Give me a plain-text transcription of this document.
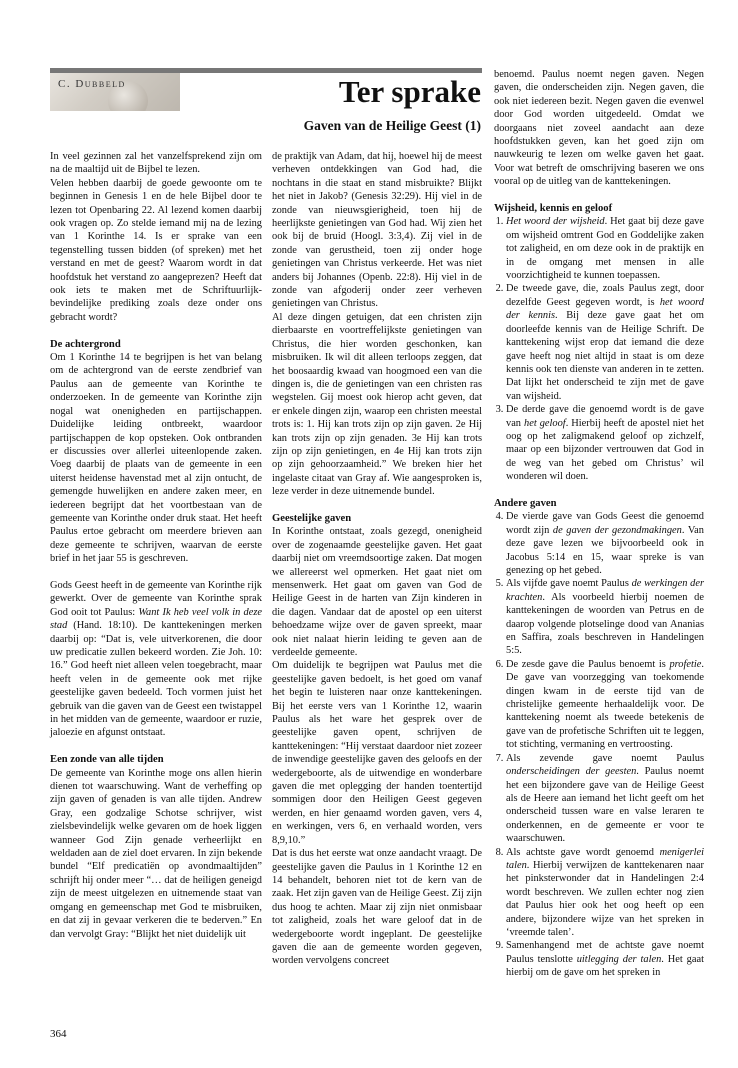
C. Dubbeld	Ter sprake
Gaven van de Heilige Geest (1)

In veel gezinnen zal het vanzelfsprekend zijn om na de maaltijd uit de Bijbel te lezen.

Velen hebben daarbij de goede gewoonte om te beginnen in Genesis 1 en de hele Bijbel door te lezen tot Openbaring 22. Al lezend komen daarbij ook vragen op. Zo stelde iemand mij na de lezing van 1 Korinthe 14. Is er sprake van een tegenstelling tussen bidden (of spreken) met het verstand en met de geest? Waarom wordt in dat hoofdstuk het verstand zo aangeprezen? Heeft dat ook iets te maken met de Schriftuurlijk-bevindelijke prediking zoals deze onder ons gebracht wordt?

De achtergrond

Om 1 Korinthe 14 te begrijpen is het van belang om de achtergrond van de eerste zendbrief van Paulus aan de gemeente van Korinthe te onderzoeken. In de gemeente van Korinthe zijn nogal wat onenigheden en partijschappen. Duidelijke leiding ontbreekt, waardoor partijschappen de kop opsteken. Ook ontbranden er discussies over allerlei uiteenlopende zaken. Voeg daarbij de plaats van de gemeente in een uiterst heidense havenstad met al zijn ontucht, de gemengde huwelijken en andere zaken meer, en iedereen begrijpt dat het voortbestaan van de gemeente van Korinthe onder druk staat. Het heeft Paulus ertoe gebracht om meerdere brieven aan deze gemeente te schrijven, waarvan de eerste brief in het jaar 55 is geschreven.

Gods Geest heeft in de gemeente van Korinthe rijk gewerkt. Over de gemeente van Korinthe sprak God ooit tot Paulus: Want Ik heb veel volk in deze stad (Hand. 18:10). De kanttekeningen merken daarbij op: “Dat is, vele uitverkorenen, die door uw predicatie zullen bekeerd worden. Zie Joh. 10: 16.” God heeft niet alleen velen toegebracht, maar heeft velen in de gemeente ook met rijke geestelijke gaven bedeeld. Toch vormen juist het gebruik van die gaven van de Geest een twistappel in het midden van de gemeente, waardoor er ruzie, jaloezie en afgunst ontstaat.

Een zonde van alle tijden

De gemeente van Korinthe moge ons allen hierin dienen tot waarschuwing. Want de verheffing op zijn gaven of genaden is van alle tijden. Andrew Gray, een godzalige Schotse schrijver, wist zielsbevindelijk welke gevaren om de hoek liggen wanneer God Zijn genade verheerlijkt en weldaden aan de ziel doet ervaren. In zijn bekende bundel “Elf predicatiën op avondmaaltijden” schrijft hij onder meer “… dat de heiligen geneigd zijn de meest uitgelezen en uitnemende staat van omgang en gemeenschap met God te misbruiken, en dat zij in gevaar verkeren die te bederven.” En dan vervolgt Gray: “Blijkt het niet duidelijk uit

de praktijk van Adam, dat hij, hoewel hij de meest verheven ontdekkingen van God had, die nochtans in die staat en stand misbruikte? Blijkt het niet in Jakob? (Genesis 32:29). Hij viel in de zonde van nieuwsgierigheid, toen hij de heerlijkste genietingen van God had. Wij zien het ook bij de bruid (Hoogl. 3:3,4). Zij viel in de zonde van gerustheid, toen zij onder hoge genietingen van Christus verkeerde. Het was niet anders bij Johannes (Openb. 22:8). Hij viel in de zonde van afgoderij onder zeer verheven genietingen van Christus.

Al deze dingen getuigen, dat een christen zijn dierbaarste en voortreffelijkste genietingen van Christus, die hier worden geschonken, kan misbruiken. Ik wil dit alleen terloops zeggen, dat het boosaardig kwaad van hoogmoed een van die dingen is, die de genietingen van een christen ras wegstelen. Gij moest ook hierop acht geven, dat er enkele dingen zijn, waarop een christen meestal trots is: 1. Hij kan trots zijn op zijn gaven. 2e Hij kan trots zijn op zijn genaden. 3e Hij kan trots zijn op zijn genietingen, en 4e Hij kan trots zijn op zijn gehoorzaamheid.” We breken hier het ingelaste citaat van Gray af. Wie aangesproken is, leze verder in deze uitnemende bundel.

Geestelijke gaven

In Korinthe ontstaat, zoals gezegd, onenigheid over de zogenaamde geestelijke gaven. Het gaat daarbij niet om vreemdsoortige zaken. Dat mogen we allereerst wel opmerken. Het gaat niet om mensenwerk. Het gaat om gaven van God de Heilige Geest in de harten van Zijn kinderen in die dagen. Vandaar dat de apostel op een uiterst behoedzame wijze over de gaven spreekt, maar ook niet nalaat hierin leiding te geven aan de verdeelde gemeente.

Om duidelijk te begrijpen wat Paulus met die geestelijke gaven bedoelt, is het goed om vanaf het begin te luisteren naar onze kanttekeningen. Bij het eerste vers van 1 Korinthe 12, waarin Paulus als het ware het gesprek over de geestelijke gaven opent, schrijven de kanttekeningen: “Hij verstaat daardoor niet zozeer de inwendige geestelijke gaven des geloofs en der wedergeboorte, als de uitwendige en wonderbare gaven die met oplegging der handen toentertijd sommigen door den Heiligen Geest gegeven werden, en hier genaamd worden gaven, vers 4, en werkingen, vers 6, en verhaald worden, vers 8,9,10.”

Dat is dus het eerste wat onze aandacht vraagt. De geestelijke gaven die Paulus in 1 Korinthe 12 en 14 behandelt, behoren niet tot de kern van de zaak. Het zijn gaven van de Heilige Geest. Zij zijn dus hoog te achten. Maar zij zijn niet onmisbaar tot zaligheid, zoals het ware geloof dat in de wedergeboorte wordt ingeplant. De geestelijke gaven die aan de gemeente worden gegeven, worden vervolgens concreet

benoemd. Paulus noemt negen gaven. Negen gaven, die onderscheiden zijn. Negen gaven, die ook niet iedereen bezit. Negen gaven die evenwel door God worden uitgedeeld. Omdat we doorgaans niet zoveel aandacht aan deze hoofdstukken geven, kan het goed zijn om nauwkeurig te lezen om welke gaven het gaat. Voor wat betreft de omschrijving baseren we ons vooral op de uitleg van de kanttekeningen.

Wijsheid, kennis en geloof
1. Het woord der wijsheid. Het gaat bij deze gave om wijsheid omtrent God en Goddelijke zaken tot zaligheid, en om deze ook in de praktijk en in de omgang met mensen in alle voorzichtigheid te kunnen toepassen.
2. De tweede gave, die, zoals Paulus zegt, door dezelfde Geest gegeven wordt, is het woord der kennis. Bij deze gave gaat het om doorleefde kennis van de Heilige Schrift. De kanttekening wijst erop dat iemand die deze gave heeft nog niet altijd in staat is om deze kennis ook ten dienste van anderen in te zetten. Dat lijkt het onderscheid te zijn met de gave van wijsheid.
3. De derde gave die genoemd wordt is de gave van het geloof. Hierbij heeft de apostel niet het oog op het zaligmakend geloof op zichzelf, maar op een bijzonder vertrouwen dat God in de weg van het gebed om Christus’ wil wonderen wil doen.
Andere gaven
4. De vierde gave van Gods Geest die genoemd wordt zijn de gaven der gezondmakingen. Van deze gave lezen we bijvoorbeeld ook in Jacobus 5:14 en 15, waar spreke is van genezing op het gebed.
5. Als vijfde gave noemt Paulus de werkingen der krachten. Als voorbeeld hierbij noemen de kanttekeningen de woorden van Petrus en de daarop volgende plotselinge dood van Ananias en Saffira, zoals beschreven in Handelingen 5:5.
6. De zesde gave die Paulus benoemt is profetie. De gave van voorzegging van toekomende dingen kwam in de eerste tijd van de christelijke gemeente herhaaldelijk voor. De kanttekening noemt als tweede betekenis de gave van de profetische Schriften uit te leggen, tot stichting, vermaning en vertroosting.
7. Als zevende gave noemt Paulus onderscheidingen der geesten. Paulus noemt het een bijzondere gave van de Heilige Geest als de Heere aan iemand het licht geeft om het onderscheid tussen ware en valse leraren te onderkennen, en de gemeente er voor te waarschuwen.
8. Als achtste gave wordt genoemd menigerlei talen. Hierbij verwijzen de kanttekenaren naar het pinksterwonder dat in Handelingen 2:4 wordt beschreven. We zullen echter nog zien dat Paulus hier ook het oog heeft op een andere, bijzondere wijze van het spreken in ‘vreemde talen’.
9. Samenhangend met de achtste gave noemt Paulus tenslotte uitlegging der talen. Het gaat hierbij om de gave om het spreken in
364
